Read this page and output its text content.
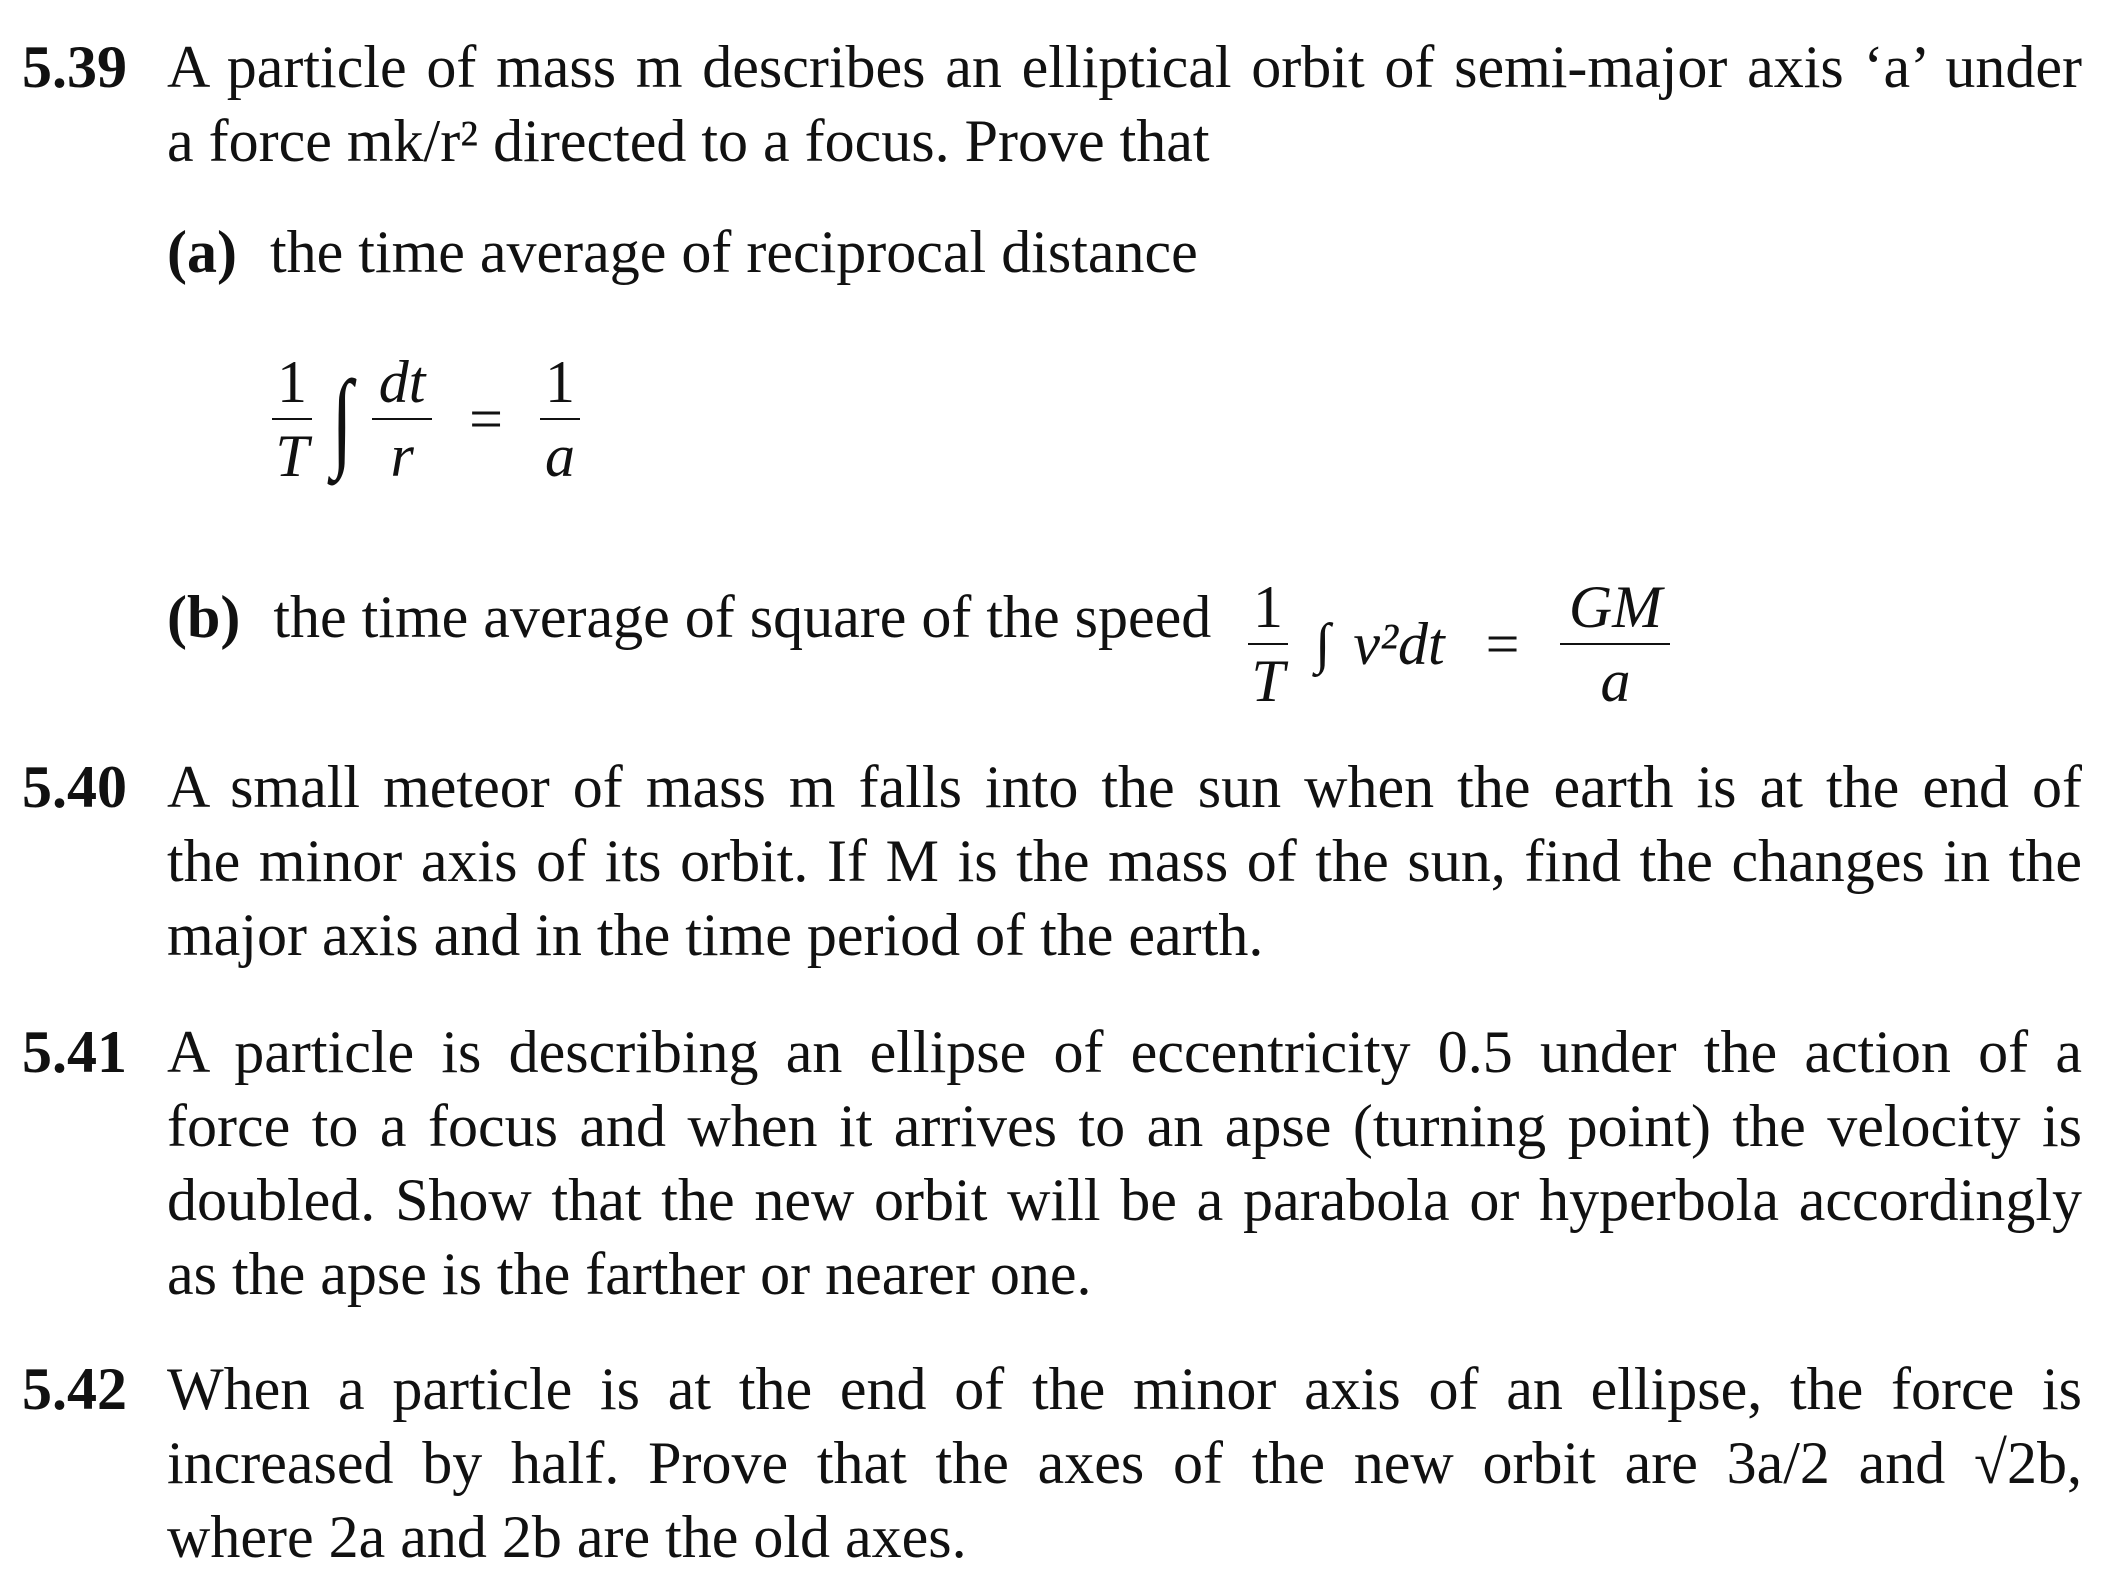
5.39 A particle of mass m describes an elliptical orbit of semi-major axis ‘a’ under
a force mk/r² directed to a focus. Prove that
(a) the time average of reciprocal distance
$\frac{1}{T}$ ∫ $\frac{dt}{r} = \frac{1}{a}$
(b) the time average of square of the speed $\frac{1}{T}$ ∫ $v^2dt = \frac{GM}{a}$
5.40 A small meteor of mass m falls into the sun when the earth is at the end of
the minor axis of its orbit. If M is the mass of the sun, find the changes in the
major axis and in the time period of the earth.
5.41 A particle is describing an ellipse of eccentricity 0.5 under the action of a
force to a focus and when it arrives to an apse (turning point) the velocity is
doubled. Show that the new orbit will be a parabola or hyperbola accordingly
as the apse is the farther or nearer one.
5.42 When a particle is at the end of the minor axis of an ellipse, the force is
increased by half. Prove that the axes of the new orbit are 3a/2 and √2b,
where 2a and 2b are the old axes.
